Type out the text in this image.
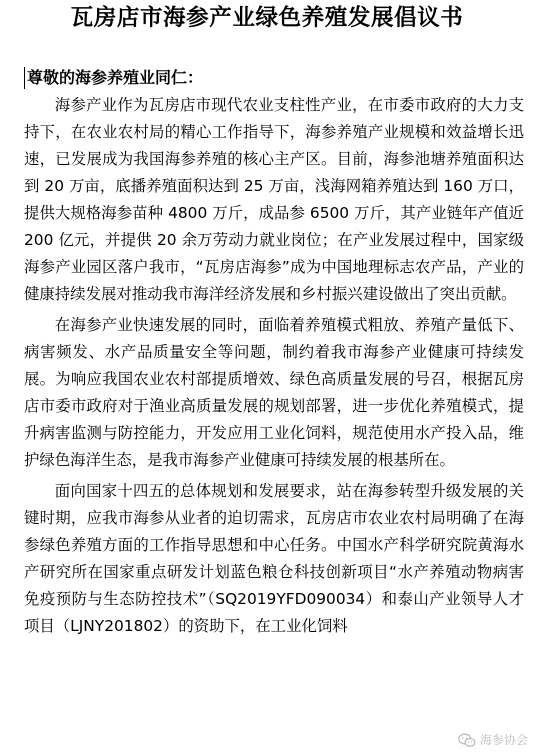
瓦房店市海参产业绿色养殖发展倡议书
尊敬的海参养殖业同仁：

海参产业作为瓦房店市现代农业支柱性产业，在市委市政府的大力支持下，在农业农村局的精心工作指导下，海参养殖产业规模和效益增长迅速，已发展成为我国海参养殖的核心主产区。目前，海参池塘养殖面积达到 20 万亩，底播养殖面积达到 25 万亩，浅海网箱养殖达到 160 万口，提供大规格海参苗种 4800 万斤，成品参 6500 万斤，其产业链年产值近 200 亿元，并提供 20 余万劳动力就业岗位；在产业发展过程中，国家级海参产业园区落户我市，“瓦房店海参”成为中国地理标志农产品，产业的健康持续发展对推动我市海洋经济发展和乡村振兴建设做出了突出贡献。

在海参产业快速发展的同时，面临着养殖模式粗放、养殖产量低下、病害频发、水产品质量安全等问题，制约着我市海参产业健康可持续发展。为响应我国农业农村部提质增效、绿色高质量发展的号召，根据瓦房店市委市政府对于渔业高质量发展的规划部署，进一步优化养殖模式，提升病害监测与防控能力，开发应用工业化饲料，规范使用水产投入品，维护绿色海洋生态，是我市海参产业健康可持续发展的根基所在。

面向国家十四五的总体规划和发展要求，站在海参转型升级发展的关键时期，应我市海参从业者的迫切需求，瓦房店市农业农村局明确了在海参绿色养殖方面的工作指导思想和中心任务。中国水产科学研究院黄海水产研究所在国家重点研发计划蓝色粮仓科技创新项目“水产养殖动物病害免疫预防与生态防控技术”（SQ2019YFD090034）和泰山产业领导人才项目（LJNY201802）的资助下，在工业化饲料

海参协会
